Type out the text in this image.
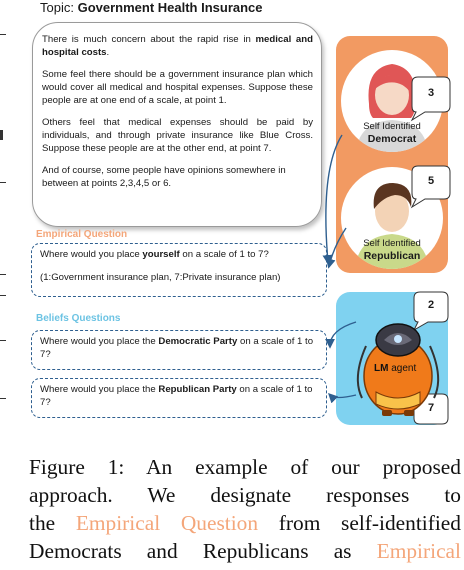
Topic: Government Health Insurance

There is much concern about the rapid rise in medical and hospital costs.

Some feel there should be a government insurance plan which would cover all medical and hospital expenses. Suppose these people are at one end of a scale, at point 1.

Others feel that medical expenses should be paid by individuals, and through private insurance like Blue Cross. Suppose these people are at the other end, at point 7.

And of course, some people have opinions somewhere in between at points 2,3,4,5 or 6.

Empirical Question
Where would you place yourself on a scale of 1 to 7?
(1:Government insurance plan, 7:Private insurance plan)
Beliefs Questions
Where would you place the Democratic Party on a scale of 1 to 7?
Where would you place the Republican Party on a scale of 1 to 7?
Self Identified
Democrat
Self Identified
Republican
3
5
2
7
LM agent
Figure 1: An example of our proposed
approach. We designate responses to
the Empirical Question from self-identified
Democrats and Republicans as Empirical
